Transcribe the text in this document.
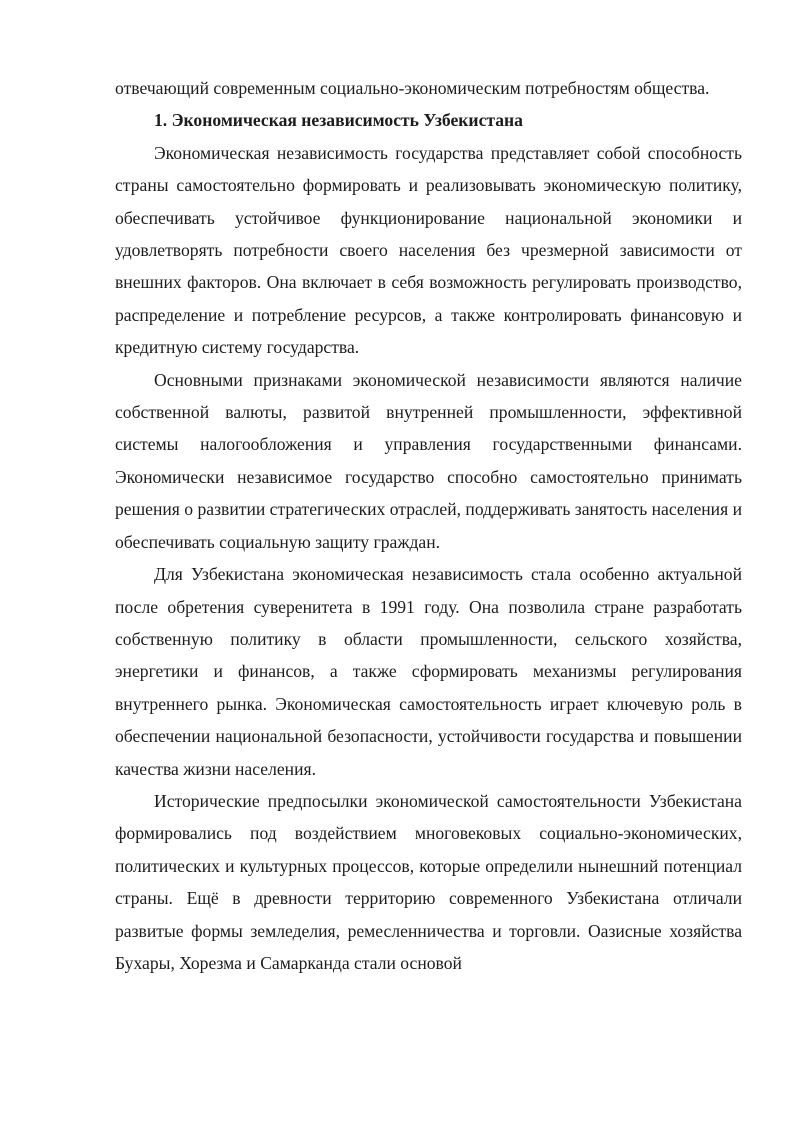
отвечающий современным социально-экономическим потребностям общества.

1. Экономическая независимость Узбекистана

Экономическая независимость государства представляет собой способность страны самостоятельно формировать и реализовывать экономическую политику, обеспечивать устойчивое функционирование национальной экономики и удовлетворять потребности своего населения без чрезмерной зависимости от внешних факторов. Она включает в себя возможность регулировать производство, распределение и потребление ресурсов, а также контролировать финансовую и кредитную систему государства.

Основными признаками экономической независимости являются наличие собственной валюты, развитой внутренней промышленности, эффективной системы налогообложения и управления государственными финансами. Экономически независимое государство способно самостоятельно принимать решения о развитии стратегических отраслей, поддерживать занятость населения и обеспечивать социальную защиту граждан.

Для Узбекистана экономическая независимость стала особенно актуальной после обретения суверенитета в 1991 году. Она позволила стране разработать собственную политику в области промышленности, сельского хозяйства, энергетики и финансов, а также сформировать механизмы регулирования внутреннего рынка. Экономическая самостоятельность играет ключевую роль в обеспечении национальной безопасности, устойчивости государства и повышении качества жизни населения.

Исторические предпосылки экономической самостоятельности Узбекистана формировались под воздействием многовековых социально-экономических, политических и культурных процессов, которые определили нынешний потенциал страны. Ещё в древности территорию современного Узбекистана отличали развитые формы земледелия, ремесленничества и торговли. Оазисные хозяйства Бухары, Хорезма и Самарканда стали основой
